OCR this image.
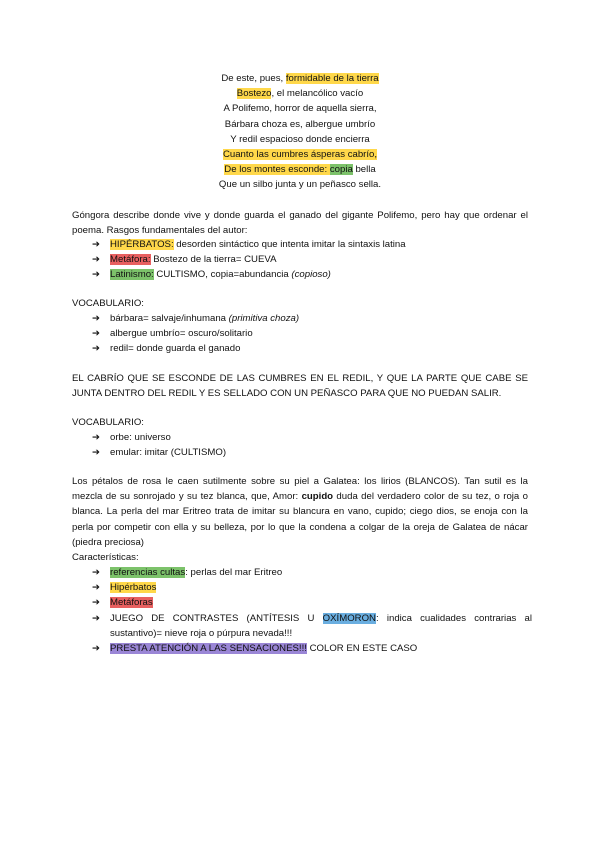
De este, pues, formidable de la tierra
Bostezo, el melancólico vacío
A Polifemo, horror de aquella sierra,
Bárbara choza es, albergue umbrío
Y redil espacioso donde encierra
Cuanto las cumbres ásperas cabrío,
De los montes esconde: copia bella
Que un silbo junta y un peñasco sella.
Góngora describe donde vive y donde guarda el ganado del gigante Polifemo, pero hay que ordenar el poema. Rasgos fundamentales del autor:
➔ HIPÉRBATOS: desorden sintáctico que intenta imitar la sintaxis latina
➔ Metáfora: Bostezo de la tierra= CUEVA
➔ Latinismo: CULTISMO, copia=abundancia (copioso)
VOCABULARIO:
➔ bárbara= salvaje/inhumana (primitiva choza)
➔ albergue umbrío= oscuro/solitario
➔ redil= donde guarda el ganado
EL CABRÍO QUE SE ESCONDE DE LAS CUMBRES EN EL REDIL, Y QUE LA PARTE QUE CABE SE JUNTA DENTRO DEL REDIL Y ES SELLADO CON UN PEÑASCO PARA QUE NO PUEDAN SALIR.
VOCABULARIO:
➔ orbe: universo
➔ emular: imitar (CULTISMO)
Los pétalos de rosa le caen sutilmente sobre su piel a Galatea: los lirios (BLANCOS). Tan sutil es la mezcla de su sonrojado y su tez blanca, que, Amor: cupido duda del verdadero color de su tez, o roja o blanca. La perla del mar Eritreo trata de imitar su blancura en vano, cupido; ciego dios, se enoja con la perla por competir con ella y su belleza, por lo que la condena a colgar de la oreja de Galatea de nácar (piedra preciosa)
Características:
➔ referencias cultas: perlas del mar Eritreo
➔ Hipérbatos
➔ Metáforas
➔ JUEGO DE CONTRASTES (ANTÍTESIS U OXÍMORON: indica cualidades contrarias al sustantivo)= nieve roja o púrpura nevada!!!
➔ PRESTA ATENCIÓN A LAS SENSACIONES!!! COLOR EN ESTE CASO
